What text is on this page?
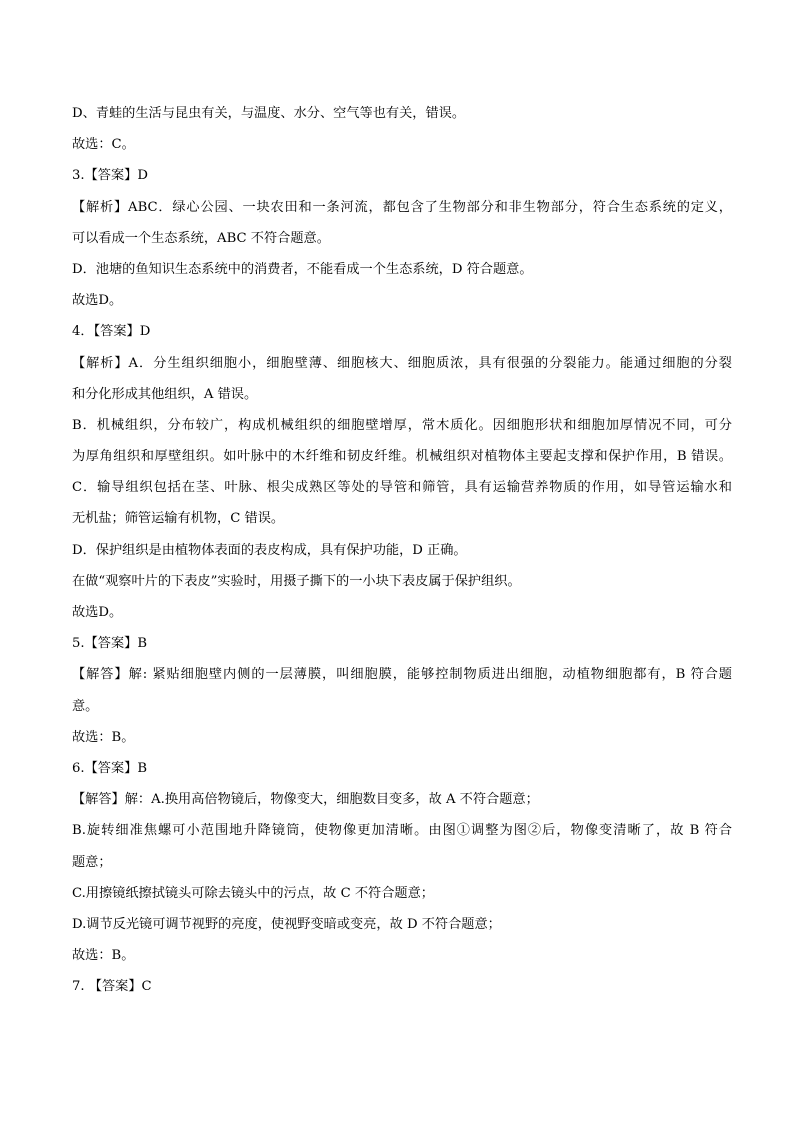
D、青蛙的生活与昆虫有关，与温度、水分、空气等也有关，错误。
故选：C。
3.【答案】D
【解析】ABC．绿心公园、一块农田和一条河流，都包含了生物部分和非生物部分，符合生态系统的定义，
可以看成一个生态系统，ABC 不符合题意。
D．池塘的鱼知识生态系统中的消费者，不能看成一个生态系统，D 符合题意。
故选D。
4．【答案】D
【解析】A．分生组织细胞小，细胞壁薄、细胞核大、细胞质浓，具有很强的分裂能力。能通过细胞的分裂
和分化形成其他组织，A 错误。
B．机械组织，分布较广，构成机械组织的细胞壁增厚，常木质化。因细胞形状和细胞加厚情况不同，可分
为厚角组织和厚壁组织。如叶脉中的木纤维和韧皮纤维。机械组织对植物体主要起支撑和保护作用，B 错误。
C．输导组织包括在茎、叶脉、根尖成熟区等处的导管和筛管，具有运输营养物质的作用，如导管运输水和
无机盐；筛管运输有机物，C 错误。
D．保护组织是由植物体表面的表皮构成，具有保护功能，D 正确。
在做“观察叶片的下表皮”实验时，用摄子撕下的一小块下表皮属于保护组织。
故选D。
5.【答案】B
【解答】解: 紧贴细胞壁内侧的一层薄膜，叫细胞膜，能够控制物质进出细胞，动植物细胞都有，B 符合题
意。
故选：B。
6.【答案】B
【解答】解：A.换用高倍物镜后，物像变大，细胞数目变多，故 A 不符合题意；
B.旋转细准焦螺可小范围地升降镜筒，使物像更加清晰。由图①调整为图②后，物像变清晰了，故 B 符合
题意；
C.用擦镜纸擦拭镜头可除去镜头中的污点，故 C 不符合题意；
D.调节反光镜可调节视野的亮度，使视野变暗或变亮，故 D 不符合题意；
故选：B。
7. 【答案】C
